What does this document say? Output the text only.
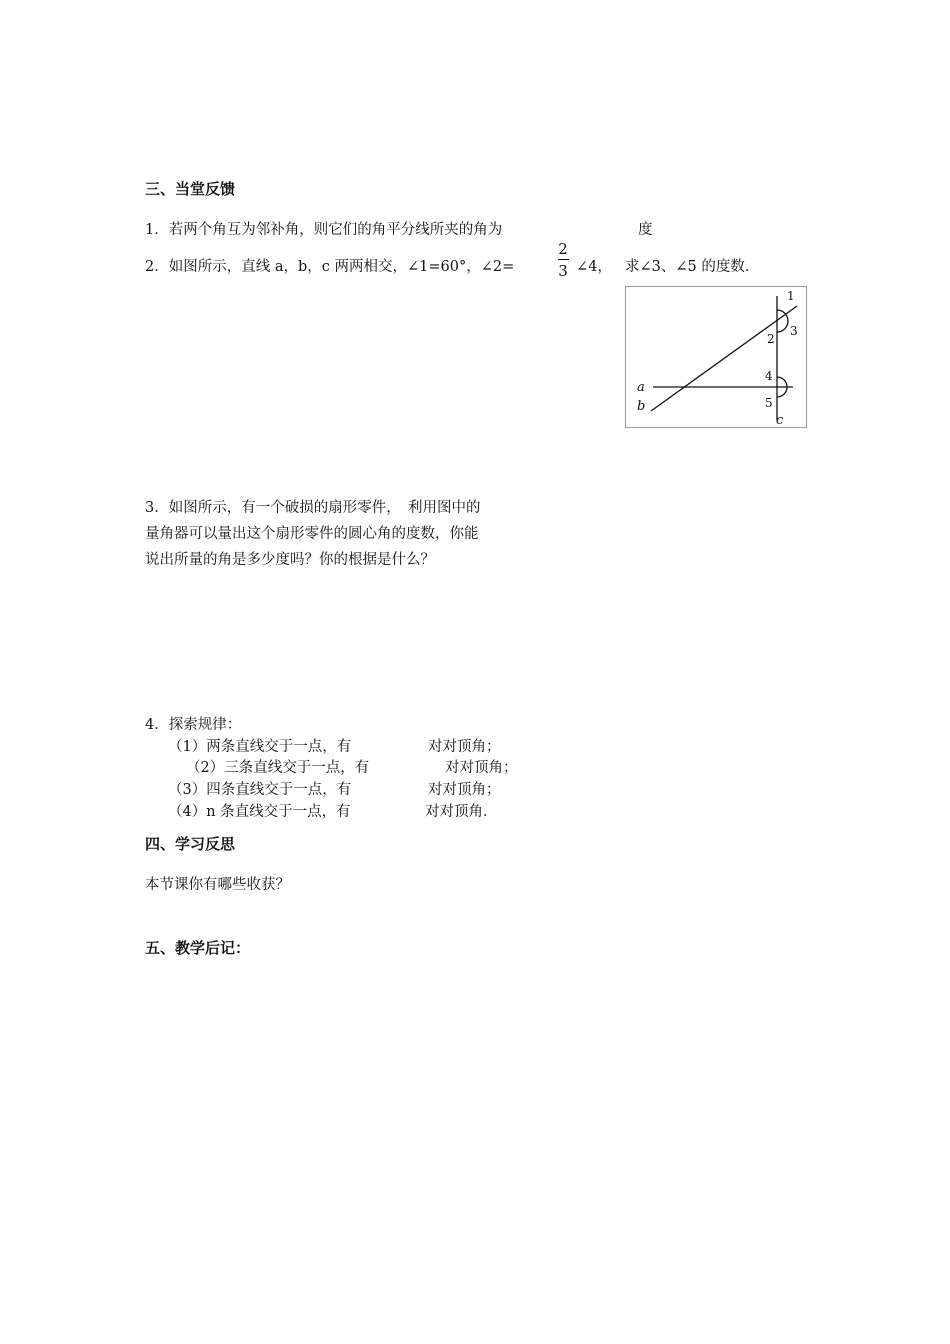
三、当堂反馈
1．若两个角互为邻补角，则它们的角平分线所夹的角为	度
2．如图所示，直线 a，b，c 两两相交，∠1=60°，∠2=
2
3 ∠4， 求∠3、∠5 的度数．
1
2
3
4
5
a
b
c
3．如图所示，有一个破损的扇形零件，　利用图中的
量角器可以量出这个扇形零件的圆心角的度数，你能
说出所量的角是多少度吗？你的根据是什么？
4．探索规律：
（1）两条直线交于一点，有	对对顶角；
（2）三条直线交于一点，有	对对顶角；
（3）四条直线交于一点，有	对对顶角；
（4）n 条直线交于一点，有	对对顶角．
四、学习反思
本节课你有哪些收获？
五、教学后记：
